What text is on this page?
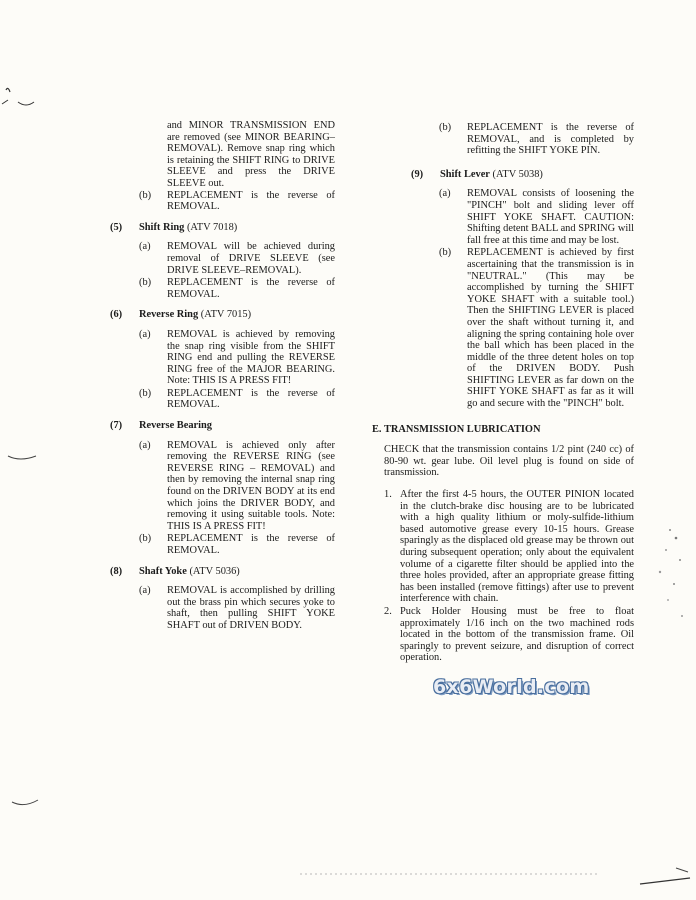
and MINOR TRANSMISSION END are removed (see MINOR BEARING–REMOVAL). Remove snap ring which is retaining the SHIFT RING to DRIVE SLEEVE and press the DRIVE SLEEVE out.
(b)	REPLACEMENT is the reverse of REMOVAL.
(5)	Shift Ring (ATV 7018)
(a)	REMOVAL will be achieved during removal of DRIVE SLEEVE (see DRIVE SLEEVE–REMOVAL).
(b)	REPLACEMENT is the reverse of REMOVAL.
(6)	Reverse Ring (ATV 7015)
(a)	REMOVAL is achieved by removing the snap ring visible from the SHIFT RING end and pulling the REVERSE RING free of the MAJOR BEARING. Note: THIS IS A PRESS FIT!
(b)	REPLACEMENT is the reverse of REMOVAL.
(7)	Reverse Bearing
(a)	REMOVAL is achieved only after removing the REVERSE RING (see REVERSE RING – REMOVAL) and then by removing the internal snap ring found on the DRIVEN BODY at its end which joins the DRIVER BODY, and removing it using suitable tools. Note: THIS IS A PRESS FIT!
(b)	REPLACEMENT is the reverse of REMOVAL.
(8)	Shaft Yoke (ATV 5036)
(a)	REMOVAL is accomplished by drilling out the brass pin which secures yoke to shaft, then pulling SHIFT YOKE SHAFT out of DRIVEN BODY.
(b)	REPLACEMENT is the reverse of REMOVAL, and is completed by refitting the SHIFT YOKE PIN.
(9)	Shift Lever (ATV 5038)
(a)	REMOVAL consists of loosening the "PINCH" bolt and sliding lever off SHIFT YOKE SHAFT. CAUTION: Shifting detent BALL and SPRING will fall free at this time and may be lost.
(b)	REPLACEMENT is achieved by first ascertaining that the transmission is in "NEUTRAL." (This may be accomplished by turning the SHIFT YOKE SHAFT with a suitable tool.) Then the SHIFTING LEVER is placed over the shaft without turning it, and aligning the spring containing hole over the ball which has been placed in the middle of the three detent holes on top of the DRIVEN BODY. Push SHIFTING LEVER as far down on the SHIFT YOKE SHAFT as far as it will go and secure with the "PINCH" bolt.
E. TRANSMISSION LUBRICATION
CHECK that the transmission contains 1/2 pint (240 cc) of 80-90 wt. gear lube. Oil level plug is found on side of transmission.
1. After the first 4-5 hours, the OUTER PINION located in the clutch-brake disc housing are to be lubricated with a high quality lithium or moly-sulfide-lithium based automotive grease every 10-15 hours. Grease sparingly as the displaced old grease may be thrown out during subsequent operation; only about the equivalent volume of a cigarette filter should be applied into the three holes provided, after an appropriate grease fitting has been installed (remove fittings) after use to prevent interference with chain.
2. Puck Holder Housing must be free to float approximately 1/16 inch on the two machined rods located in the bottom of the transmission frame. Oil sparingly to prevent seizure, and disruption of correct operation.
6x6World.com
